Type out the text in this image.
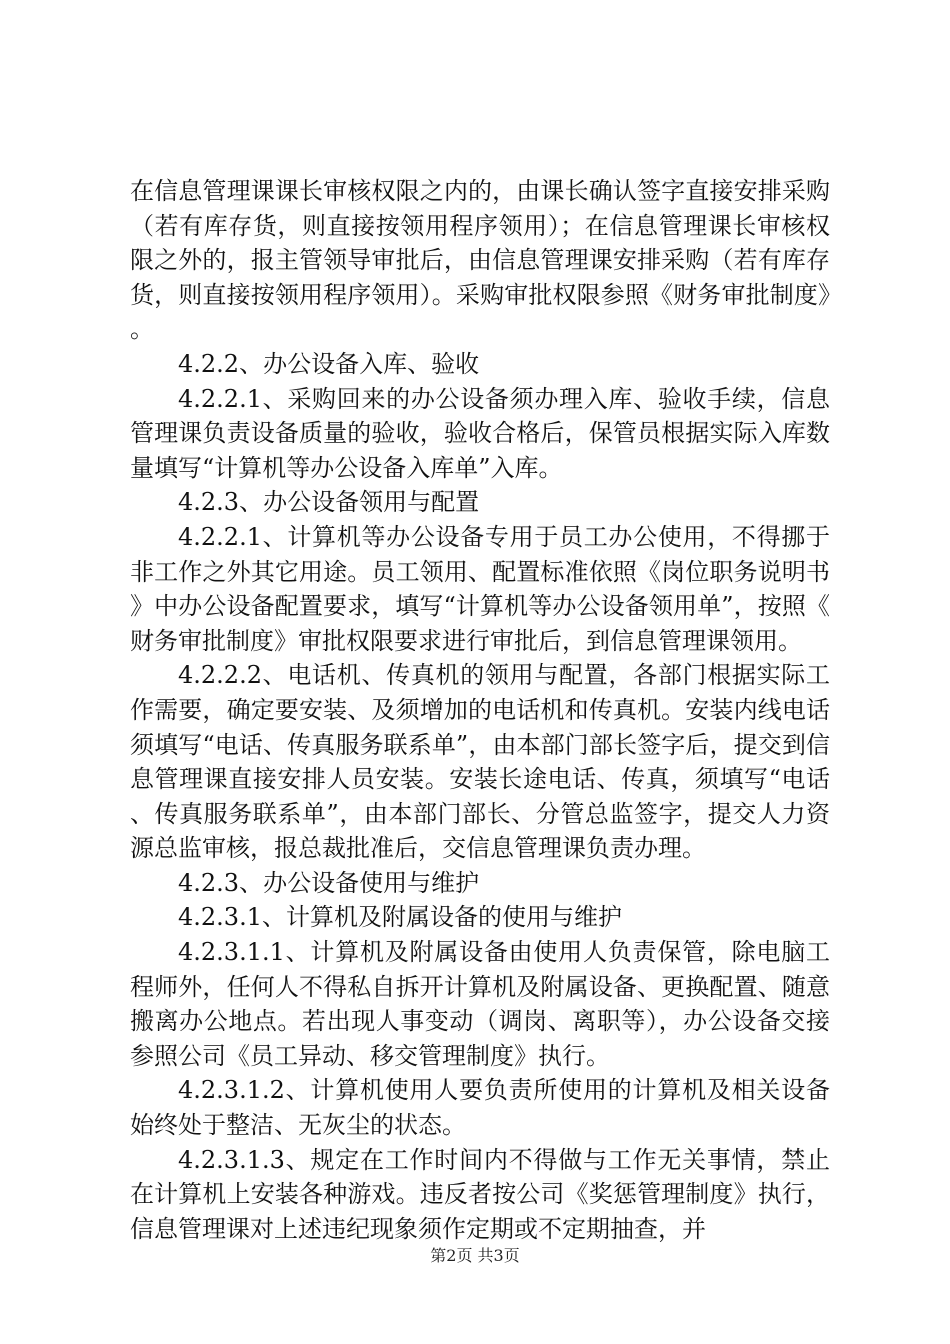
在信息管理课课长审核权限之内的，由课长确认签字直接安排采购（若有库存货，则直接按领用程序领用）；在信息管理课长审核权限之外的，报主管领导审批后，由信息管理课安排采购（若有库存货，则直接按领用程序领用）。采购审批权限参照《财务审批制度》。

4.2.2、办公设备入库、验收

4.2.2.1、采购回来的办公设备须办理入库、验收手续，信息管理课负责设备质量的验收，验收合格后，保管员根据实际入库数量填写“计算机等办公设备入库单”入库。

4.2.3、办公设备领用与配置

4.2.2.1、计算机等办公设备专用于员工办公使用，不得挪于非工作之外其它用途。员工领用、配置标准依照《岗位职务说明书》中办公设备配置要求，填写“计算机等办公设备领用单”，按照《财务审批制度》审批权限要求进行审批后，到信息管理课领用。

4.2.2.2、电话机、传真机的领用与配置，各部门根据实际工作需要，确定要安装、及须增加的电话机和传真机。安装内线电话须填写“电话、传真服务联系单”，由本部门部长签字后，提交到信息管理课直接安排人员安装。安装长途电话、传真，须填写“电话、传真服务联系单”，由本部门部长、分管总监签字，提交人力资源总监审核，报总裁批准后，交信息管理课负责办理。

4.2.3、办公设备使用与维护

4.2.3.1、计算机及附属设备的使用与维护

4.2.3.1.1、计算机及附属设备由使用人负责保管，除电脑工程师外，任何人不得私自拆开计算机及附属设备、更换配置、随意搬离办公地点。若出现人事变动（调岗、离职等），办公设备交接参照公司《员工异动、移交管理制度》执行。

4.2.3.1.2、计算机使用人要负责所使用的计算机及相关设备始终处于整洁、无灰尘的状态。

4.2.3.1.3、规定在工作时间内不得做与工作无关事情，禁止在计算机上安装各种游戏。违反者按公司《奖惩管理制度》执行，信息管理课对上述违纪现象须作定期或不定期抽查，并

第2页 共3页
